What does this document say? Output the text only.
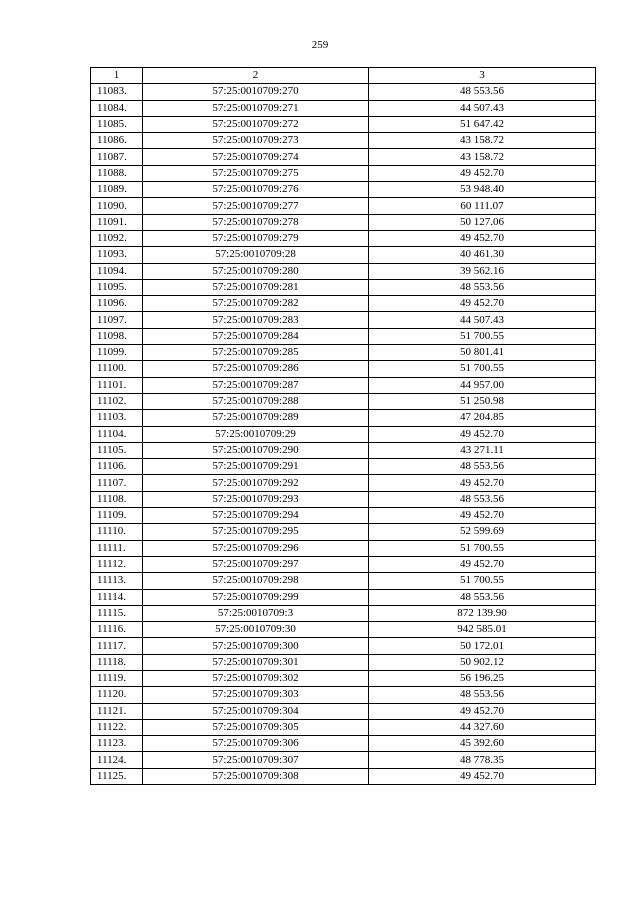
259
1	2	3
11083.	57:25:0010709:270	48 553.56
11084.	57:25:0010709:271	44 507.43
11085.	57:25:0010709:272	51 647.42
11086.	57:25:0010709:273	43 158.72
11087.	57:25:0010709:274	43 158.72
11088.	57:25:0010709:275	49 452.70
11089.	57:25:0010709:276	53 948.40
11090.	57:25:0010709:277	60 111.07
11091.	57:25:0010709:278	50 127.06
11092.	57:25:0010709:279	49 452.70
11093.	57:25:0010709:28	40 461.30
11094.	57:25:0010709:280	39 562.16
11095.	57:25:0010709:281	48 553.56
11096.	57:25:0010709:282	49 452.70
11097.	57:25:0010709:283	44 507.43
11098.	57:25:0010709:284	51 700.55
11099.	57:25:0010709:285	50 801.41
11100.	57:25:0010709:286	51 700.55
11101.	57:25:0010709:287	44 957.00
11102.	57:25:0010709:288	51 250.98
11103.	57:25:0010709:289	47 204.85
11104.	57:25:0010709:29	49 452.70
11105.	57:25:0010709:290	43 271.11
11106.	57:25:0010709:291	48 553.56
11107.	57:25:0010709:292	49 452.70
11108.	57:25:0010709:293	48 553.56
11109.	57:25:0010709:294	49 452.70
11110.	57:25:0010709:295	52 599.69
11111.	57:25:0010709:296	51 700.55
11112.	57:25:0010709:297	49 452.70
11113.	57:25:0010709:298	51 700.55
11114.	57:25:0010709:299	48 553.56
11115.	57:25:0010709:3	872 139.90
11116.	57:25:0010709:30	942 585.01
11117.	57:25:0010709:300	50 172.01
11118.	57:25:0010709:301	50 902.12
11119.	57:25:0010709:302	56 196.25
11120.	57:25:0010709:303	48 553.56
11121.	57:25:0010709:304	49 452.70
11122.	57:25:0010709:305	44 327.60
11123.	57:25:0010709:306	45 392.60
11124.	57:25:0010709:307	48 778.35
11125.	57:25:0010709:308	49 452.70
